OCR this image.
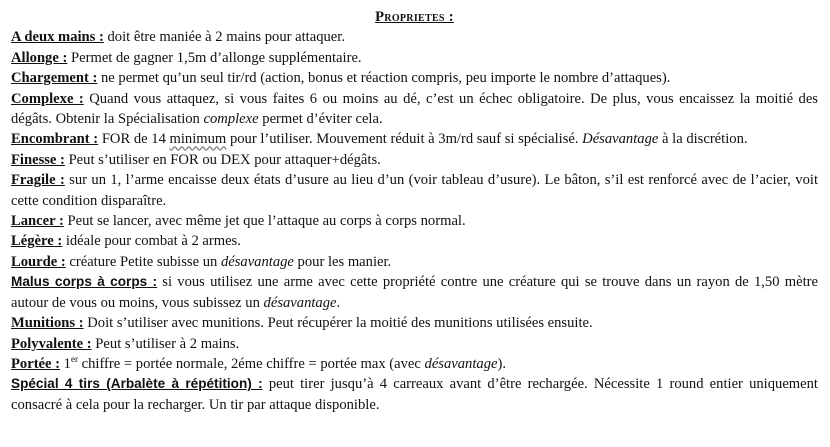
Proprietes :
A deux mains : doit être maniée à 2 mains pour attaquer.
Allonge : Permet de gagner 1,5m d’allonge supplémentaire.
Chargement : ne permet qu’un seul tir/rd (action, bonus et réaction compris, peu importe le nombre d’attaques).
Complexe : Quand vous attaquez, si vous faites 6 ou moins au dé, c’est un échec obligatoire. De plus, vous encaissez la moitié des dégâts. Obtenir la Spécialisation complexe permet d’éviter cela.
Encombrant : FOR de 14 minimum pour l’utiliser. Mouvement réduit à 3m/rd sauf si spécialisé. Désavantage à la discrétion.
Finesse : Peut s’utiliser en FOR ou DEX pour attaquer+dégâts.
Fragile : sur un 1, l’arme encaisse deux états d’usure au lieu d’un (voir tableau d’usure). Le bâton, s’il est renforcé avec de l’acier, voit cette condition disparaître.
Lancer : Peut se lancer, avec même jet que l’attaque au corps à corps normal.
Légère : idéale pour combat à 2 armes.
Lourde : créature Petite subisse un désavantage pour les manier.
Malus corps à corps : si vous utilisez une arme avec cette propriété contre une créature qui se trouve dans un rayon de 1,50 mètre autour de vous ou moins, vous subissez un désavantage.
Munitions : Doit s’utiliser avec munitions. Peut récupérer la moitié des munitions utilisées ensuite.
Polyvalente : Peut s’utiliser à 2 mains.
Portée : 1er chiffre = portée normale, 2éme chiffre = portée max (avec désavantage).
Spécial 4 tirs (Arbalète à répétition) : peut tirer jusqu’à 4 carreaux avant d’être rechargée. Nécessite 1 round entier uniquement consacré à cela pour la recharger. Un tir par attaque disponible.
